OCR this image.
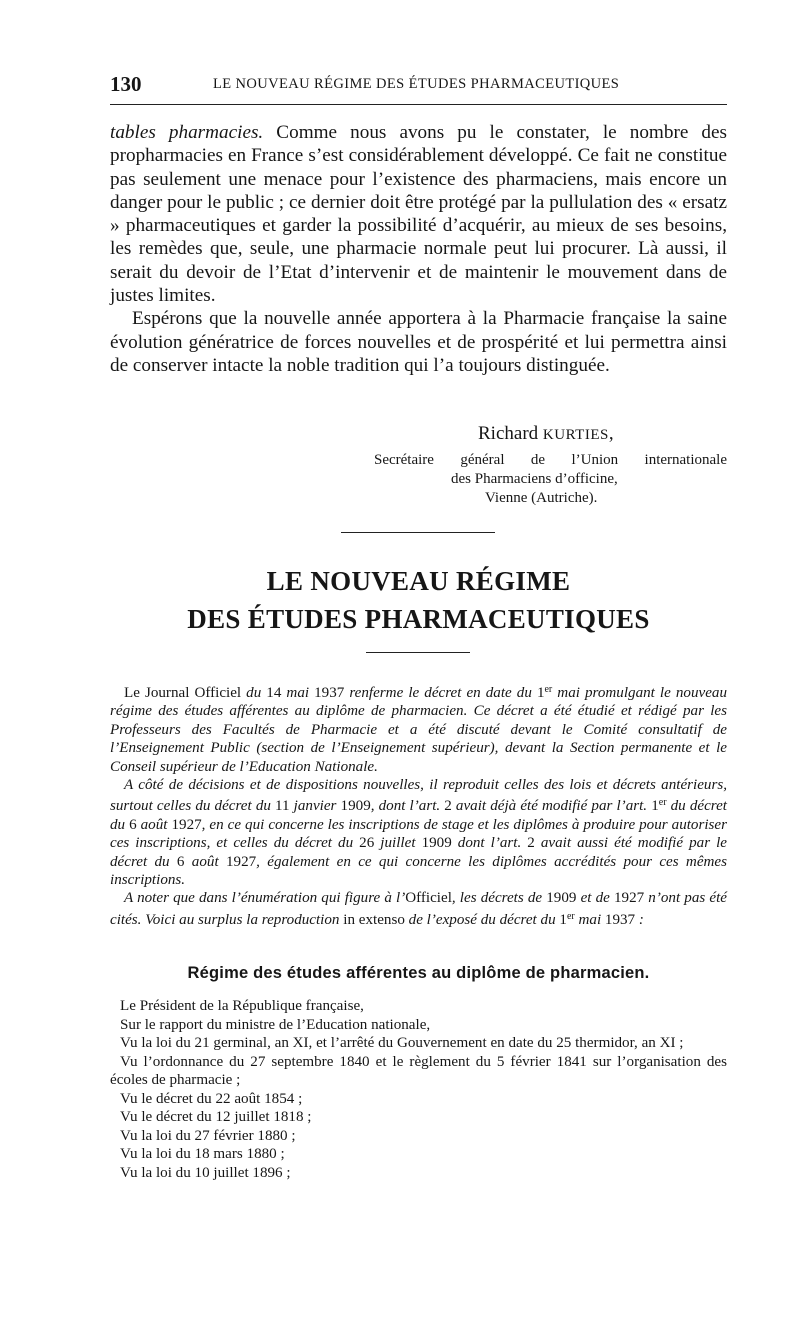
130	LE NOUVEAU RÉGIME DES ÉTUDES PHARMACEUTIQUES

tables pharmacies. Comme nous avons pu le constater, le nombre des propharmacies en France s’est considérablement développé. Ce fait ne constitue pas seulement une menace pour l’existence des pharmaciens, mais encore un danger pour le public ; ce dernier doit être protégé par la pullulation des « ersatz » pharmaceutiques et garder la possibilité d’acquérir, au mieux de ses besoins, les remèdes que, seule, une pharmacie normale peut lui procurer. Là aussi, il serait du devoir de l’Etat d’intervenir et de maintenir le mouvement dans de justes limites.

Espérons que la nouvelle année apportera à la Pharmacie française la saine évolution génératrice de forces nouvelles et de prospérité et lui permettra ainsi de conserver intacte la noble tradition qui l’a toujours distinguée.

Richard KURTIES,
Secrétaire général de l’Union internationale
des Pharmaciens d’officine,
Vienne (Autriche).
LE NOUVEAU RÉGIME
DES ÉTUDES PHARMACEUTIQUES

Le Journal Officiel du 14 mai 1937 renferme le décret en date du 1er mai promulgant le nouveau régime des études afférentes au diplôme de pharmacien. Ce décret a été étudié et rédigé par les Professeurs des Facultés de Pharmacie et a été discuté devant le Comité consultatif de l’Enseignement Public (section de l’Enseignement supérieur), devant la Section permanente et le Conseil supérieur de l’Education Nationale.

A côté de décisions et de dispositions nouvelles, il reproduit celles des lois et décrets antérieurs, surtout celles du décret du 11 janvier 1909, dont l’art. 2 avait déjà été modifié par l’art. 1er du décret du 6 août 1927, en ce qui concerne les inscriptions de stage et les diplômes à produire pour autoriser ces inscriptions, et celles du décret du 26 juillet 1909 dont l’art. 2 avait aussi été modifié par le décret du 6 août 1927, également en ce qui concerne les diplômes accrédités pour ces mêmes inscriptions.

A noter que dans l’énumération qui figure à l’Officiel, les décrets de 1909 et de 1927 n’ont pas été cités. Voici au surplus la reproduction in extenso de l’exposé du décret du 1er mai 1937 :

Régime des études afférentes au diplôme de pharmacien.

Le Président de la République française,

Sur le rapport du ministre de l’Education nationale,

Vu la loi du 21 germinal, an XI, et l’arrêté du Gouvernement en date du 25 thermidor, an XI ;

Vu l’ordonnance du 27 septembre 1840 et le règlement du 5 février 1841 sur l’organisation des écoles de pharmacie ;

Vu le décret du 22 août 1854 ;

Vu le décret du 12 juillet 1818 ;

Vu la loi du 27 février 1880 ;

Vu la loi du 18 mars 1880 ;

Vu la loi du 10 juillet 1896 ;
